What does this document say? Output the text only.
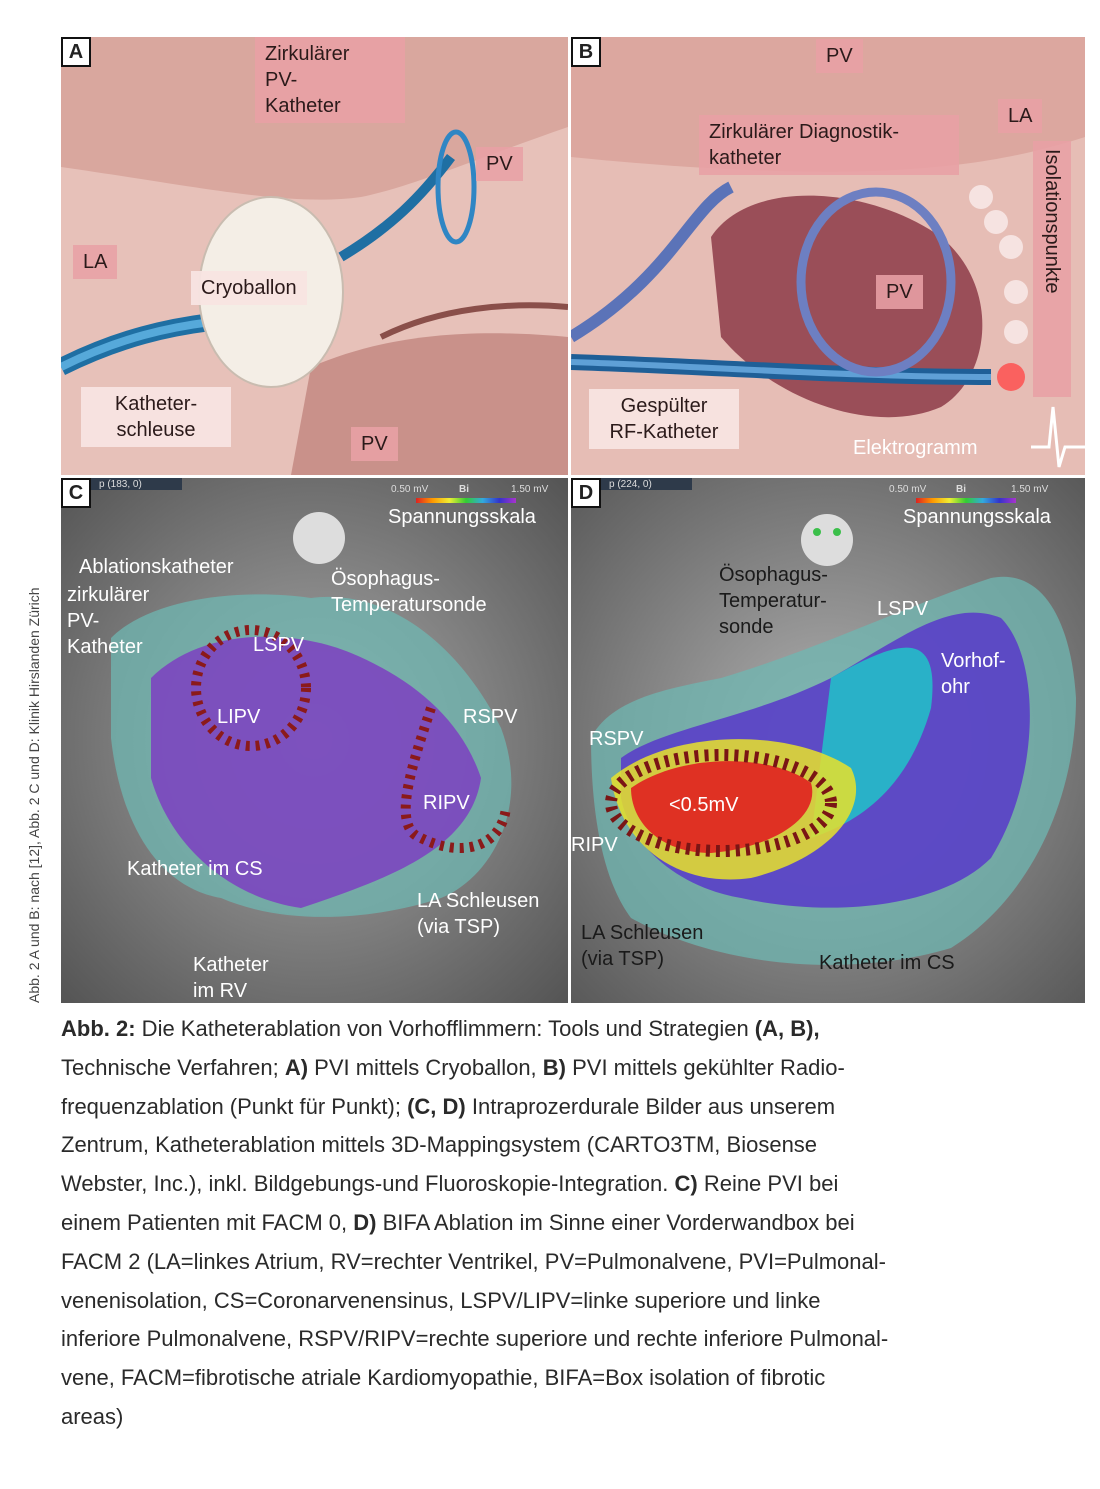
Abb. 2 A und B: nach [12], Abb. 2 C und D: Klinik Hirslanden Zürich
A	Zirkulärer
PV-
Katheter
PV
LA
Cryoballon
Katheter-
schleuse
PV
B	PV
LA
Zirkulärer Diagnostik-
katheter	Isolationspunkte
PV
Gespülter
RF-Katheter
Elektrogramm
C	p (183, 0)	0.50 mV	Bi	1.50 mV
Spannungsskala
Ablationskatheter
zirkulärer
PV-
Katheter
Ösophagus-
Temperatursonde
LSPV
LIPV	RSPV
RIPV
Katheter im CS
LA Schleusen
(via TSP)
Katheter
im RV
D	p (224, 0)	0.50 mV	Bi	1.50 mV
Spannungsskala
Ösophagus-
Temperatur-
sonde
LSPV
Vorhof-
ohr
RSPV
<0.5mV
RIPV
LA Schleusen
(via TSP)	Katheter im CS
Abb. 2: Die Katheterablation von Vorhofflimmern: Tools und Strategien (A, B),
Technische Verfahren; A) PVI mittels Cryoballon, B) PVI mittels gekühlter Radio-
frequenzablation (Punkt für Punkt); (C, D) Intraprozerdurale Bilder aus unserem
Zentrum, Katheterablation mittels 3D-Mappingsystem (CARTO3TM, Biosense
Webster, Inc.), inkl. Bildgebungs-und Fluoroskopie-Integration. C) Reine PVI bei
einem Patienten mit FACM 0, D) BIFA Ablation im Sinne einer Vorderwandbox bei
FACM 2 (LA=linkes Atrium, RV=rechter Ventrikel, PV=Pulmonalvene, PVI=Pulmonal-
venenisolation, CS=Coronarvenensinus, LSPV/LIPV=linke superiore und linke
inferiore Pulmonalvene, RSPV/RIPV=rechte superiore und rechte inferiore Pulmonal-
vene, FACM=fibrotische atriale Kardiomyopathie, BIFA=Box isolation of fibrotic
areas)
